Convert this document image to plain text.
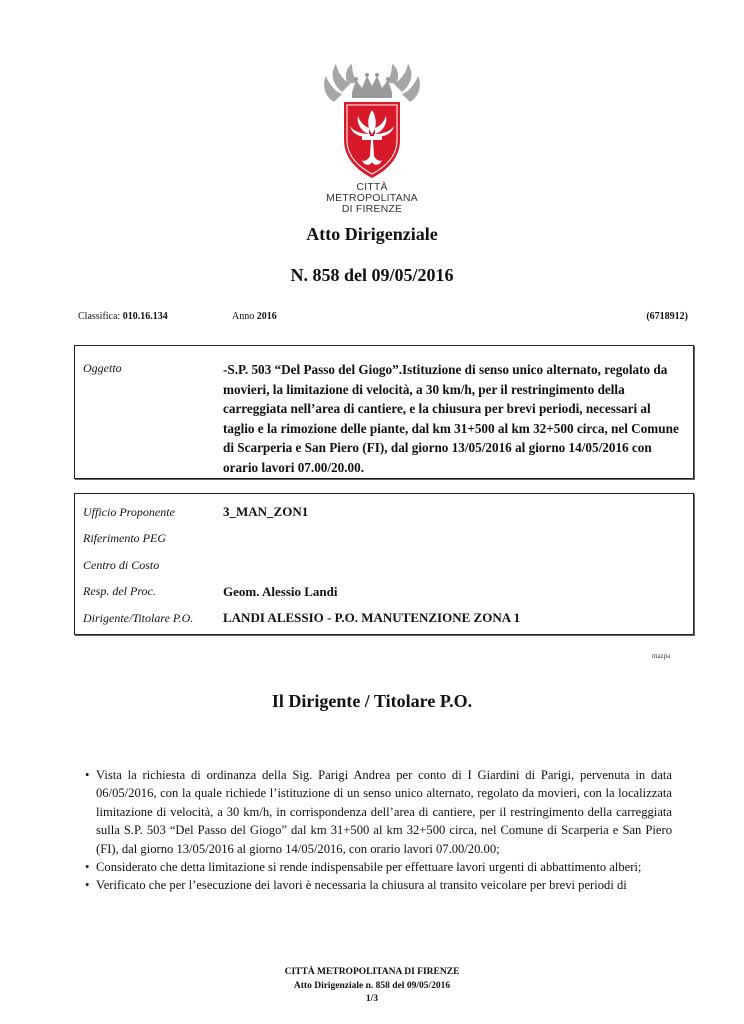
CITTÀ METROPOLITANA
DI FIRENZE
Atto Dirigenziale
N. 858 del 09/05/2016
Classifica: 010.16.134	Anno 2016	(6718912)
Oggetto	-S.P. 503 “Del Passo del Giogo”.Istituzione di senso unico alternato, regolato da movieri, la limitazione di velocità, a 30 km/h, per il restringimento della carreggiata nell’area di cantiere, e la chiusura per brevi periodi, necessari al taglio e la rimozione delle piante, dal km 31+500 al km 32+500 circa, nel Comune di Scarperia e San Piero (FI), dal giorno 13/05/2016 al giorno 14/05/2016 con orario lavori 07.00/20.00.
Ufficio Proponente	3_MAN_ZON1
Riferimento PEG
Centro di Costo
Resp. del Proc.	Geom. Alessio Landi
Dirigente/Titolare P.O.	LANDI ALESSIO - P.O. MANUTENZIONE ZONA 1
mazpa
Il Dirigente / Titolare P.O.
• Vista la richiesta di ordinanza della Sig. Parigi Andrea per conto di I Giardini di Parigi, pervenuta in data 06/05/2016, con la quale richiede l’istituzione di un senso unico alternato, regolato da movieri, con la localizzata limitazione di velocità, a 30 km/h, in corrispondenza dell’area di cantiere, per il restringimento della carreggiata sulla S.P. 503 “Del Passo del Giogo” dal km 31+500 al km 32+500 circa, nel Comune di Scarperia e San Piero (FI), dal giorno 13/05/2016 al giorno 14/05/2016, con orario lavori 07.00/20.00;
• Considerato che detta limitazione si rende indispensabile per effettuare lavori urgenti di abbattimento alberi;
• Verificato che per l’esecuzione dei lavori è necessaria la chiusura al transito veicolare per brevi periodi di
CITTÀ METROPOLITANA DI FIRENZE
Atto Dirigenziale n. 858 del 09/05/2016
1/3
